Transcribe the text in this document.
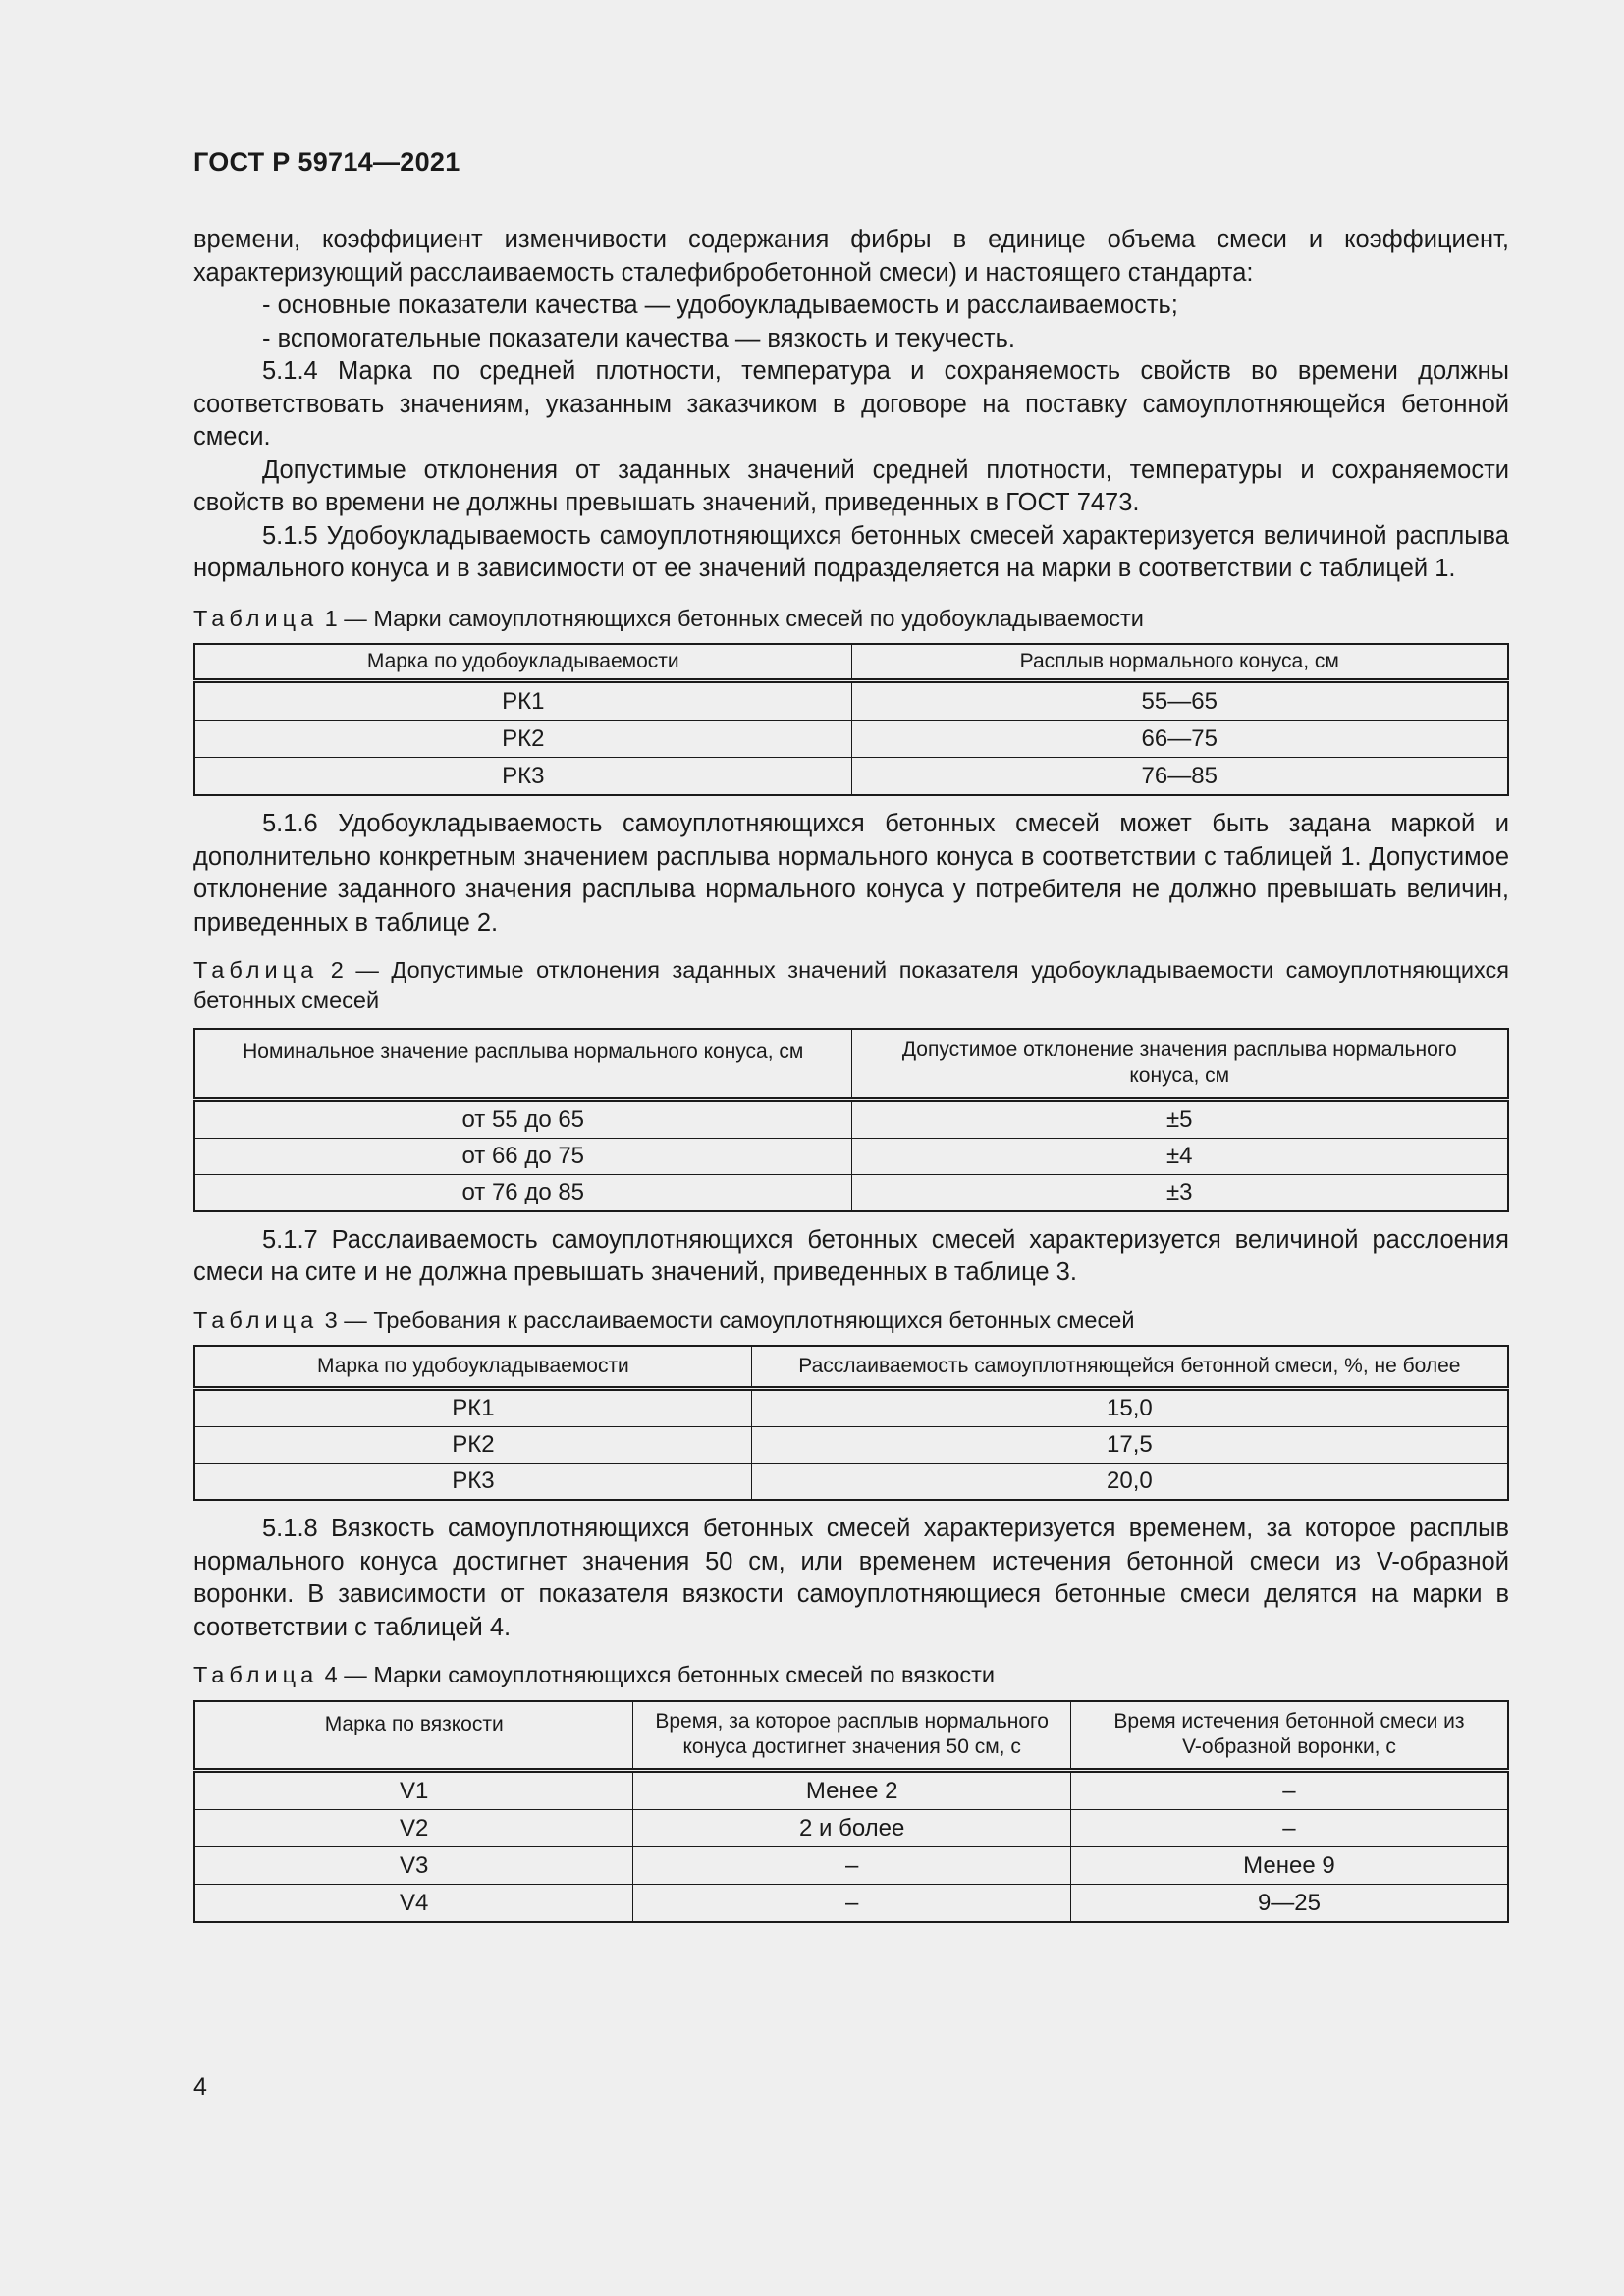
ГОСТ Р 59714—2021

времени, коэффициент изменчивости содержания фибры в единице объема смеси и коэффициент, характеризующий расслаиваемость сталефибробетонной смеси) и настоящего стандарта:

- основные показатели качества — удобоукладываемость и расслаиваемость;

- вспомогательные показатели качества — вязкость и текучесть.

5.1.4 Марка по средней плотности, температура и сохраняемость свойств во времени должны соответствовать значениям, указанным заказчиком в договоре на поставку самоуплотняющейся бетонной смеси.

Допустимые отклонения от заданных значений средней плотности, температуры и сохраняемости свойств во времени не должны превышать значений, приведенных в ГОСТ 7473.

5.1.5 Удобоукладываемость самоуплотняющихся бетонных смесей характеризуется величиной расплыва нормального конуса и в зависимости от ее значений подразделяется на марки в соответствии с таблицей 1.

Таблица 1 — Марки самоуплотняющихся бетонных смесей по удобоукладываемости

Марка по удобоукладываемости	Расплыв нормального конуса, см
РК1	55—65
РК2	66—75
РК3	76—85

5.1.6 Удобоукладываемость самоуплотняющихся бетонных смесей может быть задана маркой и дополнительно конкретным значением расплыва нормального конуса в соответствии с таблицей 1. Допустимое отклонение заданного значения расплыва нормального конуса у потребителя не должно превышать величин, приведенных в таблице 2.

Таблица 2 — Допустимые отклонения заданных значений показателя удобоукладываемости самоуплотняющихся бетонных смесей

Номинальное значение расплыва нормального конуса, см	Допустимое отклонение значения расплыва нормального конуса, см
от 55 до 65	±5
от 66 до 75	±4
от 76 до 85	±3

5.1.7 Расслаиваемость самоуплотняющихся бетонных смесей характеризуется величиной расслоения смеси на сите и не должна превышать значений, приведенных в таблице 3.

Таблица 3 — Требования к расслаиваемости самоуплотняющихся бетонных смесей

Марка по удобоукладываемости	Расслаиваемость самоуплотняющейся бетонной смеси, %, не более
РК1	15,0
РК2	17,5
РК3	20,0

5.1.8 Вязкость самоуплотняющихся бетонных смесей характеризуется временем, за которое расплыв нормального конуса достигнет значения 50 см, или временем истечения бетонной смеси из V-образной воронки. В зависимости от показателя вязкости самоуплотняющиеся бетонные смеси делятся на марки в соответствии с таблицей 4.

Таблица 4 — Марки самоуплотняющихся бетонных смесей по вязкости

Марка по вязкости	Время, за которое расплыв нормального конуса достигнет значения 50 см, с	Время истечения бетонной смеси из V-образной воронки, с
V1	Менее 2	–
V2	2 и более	–
V3	–	Менее 9
V4	–	9—25
4
